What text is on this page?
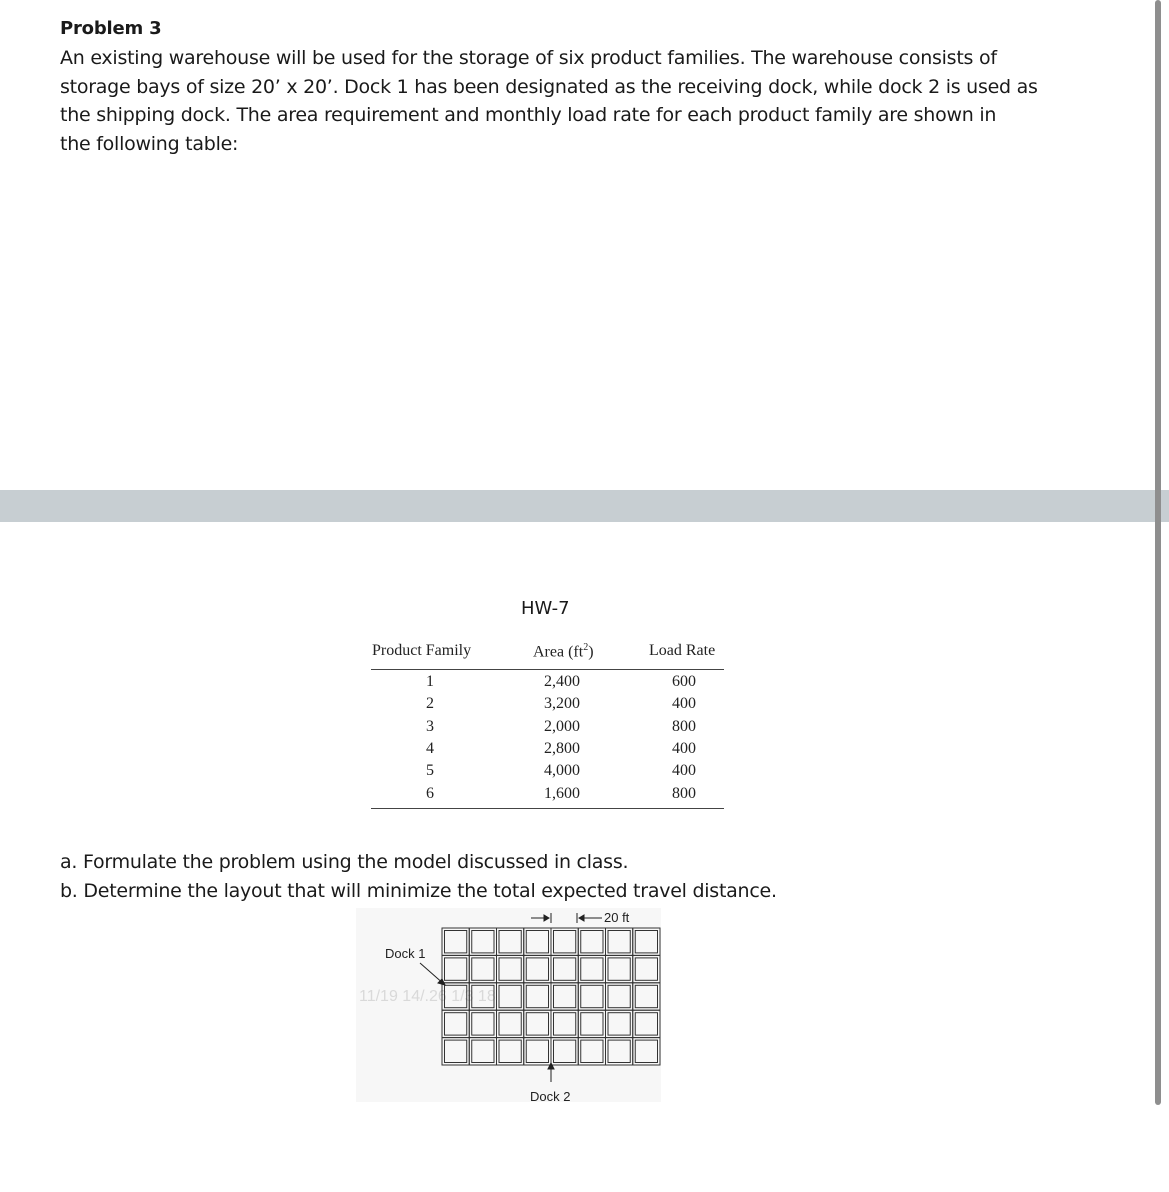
Problem 3
An existing warehouse will be used for the storage of six product families. The warehouse consists of
storage bays of size 20’ x 20’. Dock 1 has been designated as the receiving dock, while dock 2 is used as
the shipping dock. The area requirement and monthly load rate for each product family are shown in
the following table:
HW-7
Product Family	Area $(ft^2)$	Load Rate
1	2,400	600
2	3,200	400
3	2,000	800
4	2,800	400
5	4,000	400
6	1,600	800
a. Formulate the problem using the model discussed in class.
b. Determine the layout that will minimize the total expected travel distance.
11/19 14/.26 1/3 18
20 ft
Dock 1
Dock 2
